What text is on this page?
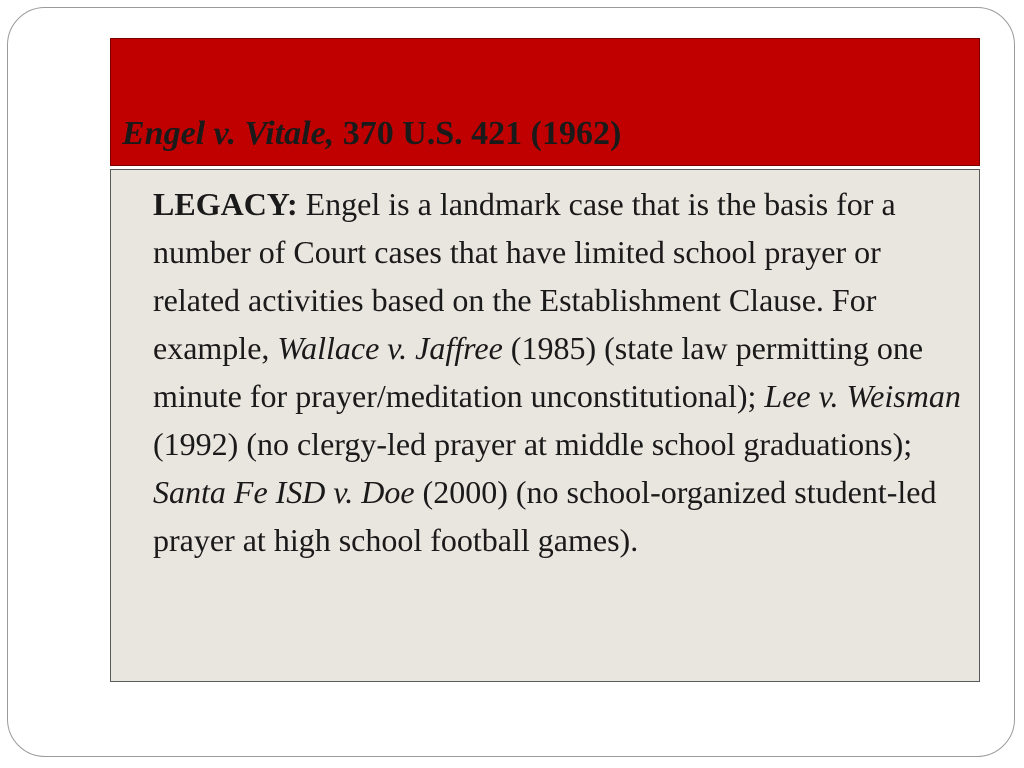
Engel v. Vitale, 370 U.S. 421 (1962)

LEGACY: Engel is a landmark case that is the basis for a number of Court cases that have limited school prayer or related activities based on the Establishment Clause. For example, Wallace v. Jaffree (1985) (state law permitting one minute for prayer/meditation unconstitutional); Lee v. Weisman (1992) (no clergy-led prayer at middle school graduations); Santa Fe ISD v. Doe (2000) (no school-organized student-led prayer at high school football games).
